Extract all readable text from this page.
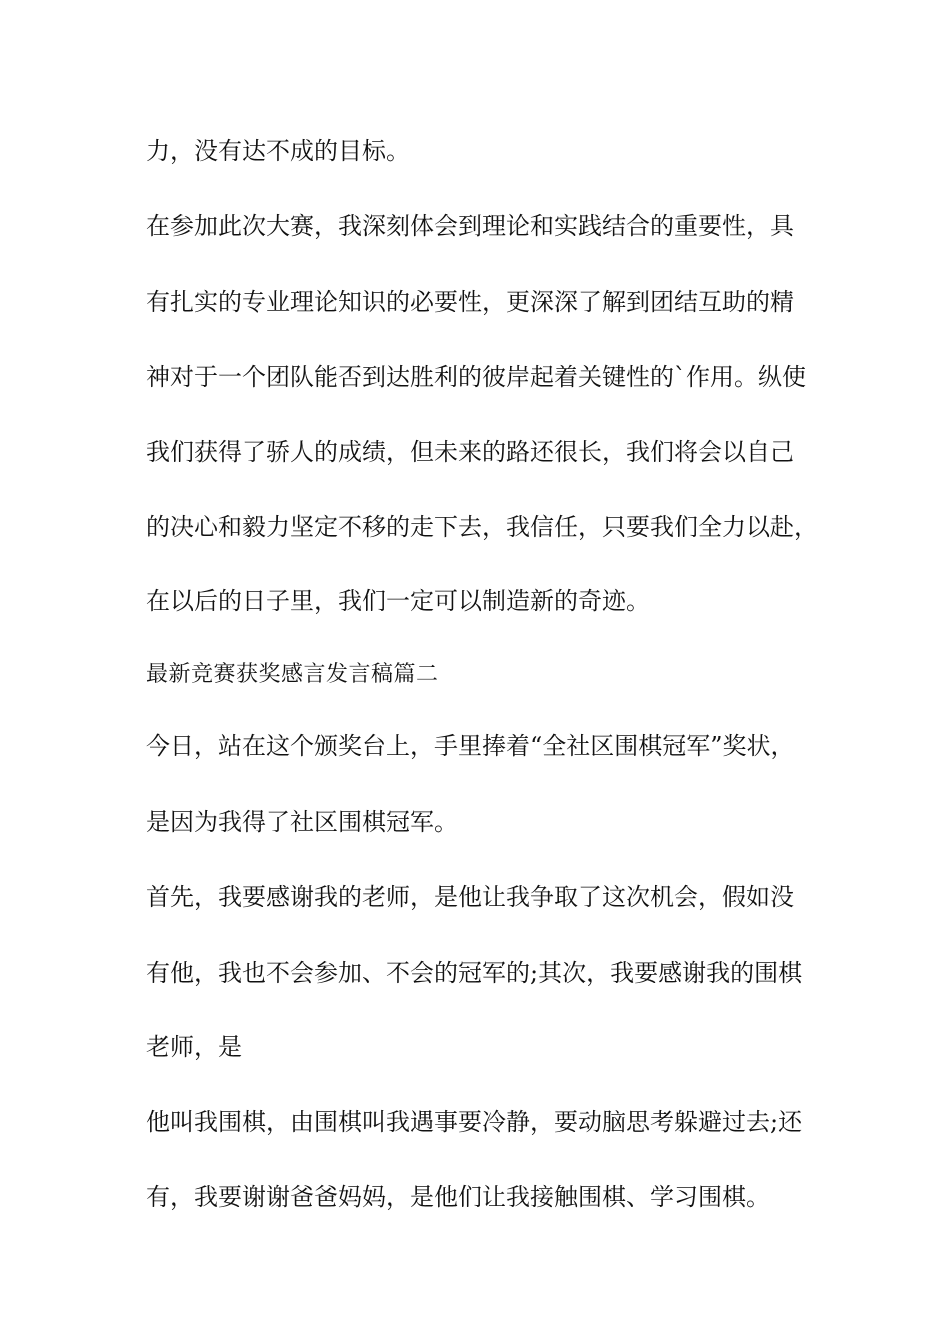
力，没有达不成的目标。

在参加此次大赛，我深刻体会到理论和实践结合的重要性，具

有扎实的专业理论知识的必要性，更深深了解到团结互助的精

神对于一个团队能否到达胜利的彼岸起着关键性的`作用。纵使

我们获得了骄人的成绩，但未来的路还很长，我们将会以自己

的决心和毅力坚定不移的走下去，我信任，只要我们全力以赴，

在以后的日子里，我们一定可以制造新的奇迹。

最新竞赛获奖感言发言稿篇二

今日，站在这个颁奖台上，手里捧着“全社区围棋冠军”奖状，

是因为我得了社区围棋冠军。

首先，我要感谢我的老师，是他让我争取了这次机会，假如没

有他，我也不会参加、不会的冠军的;其次，我要感谢我的围棋

老师，是

他叫我围棋，由围棋叫我遇事要冷静，要动脑思考躲避过去;还

有，我要谢谢爸爸妈妈，是他们让我接触围棋、学习围棋。
